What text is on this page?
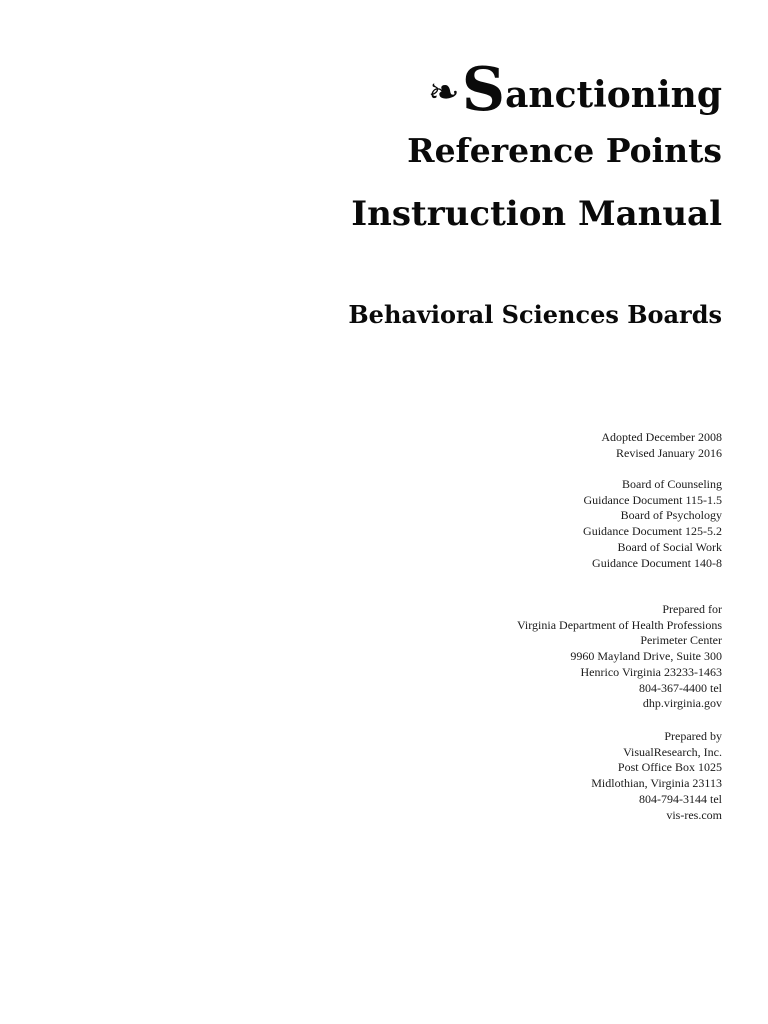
❧Sanctioning
Reference Points
Instruction Manual
Behavioral Sciences Boards
Adopted December 2008
Revised January 2016
Board of Counseling
Guidance Document 115-1.5
Board of Psychology
Guidance Document 125-5.2
Board of Social Work
Guidance Document 140-8
Prepared for
Virginia Department of Health Professions
Perimeter Center
9960 Mayland Drive, Suite 300
Henrico Virginia 23233-1463
804-367-4400 tel
dhp.virginia.gov
Prepared by
VisualResearch, Inc.
Post Office Box 1025
Midlothian, Virginia 23113
804-794-3144 tel
vis-res.com
